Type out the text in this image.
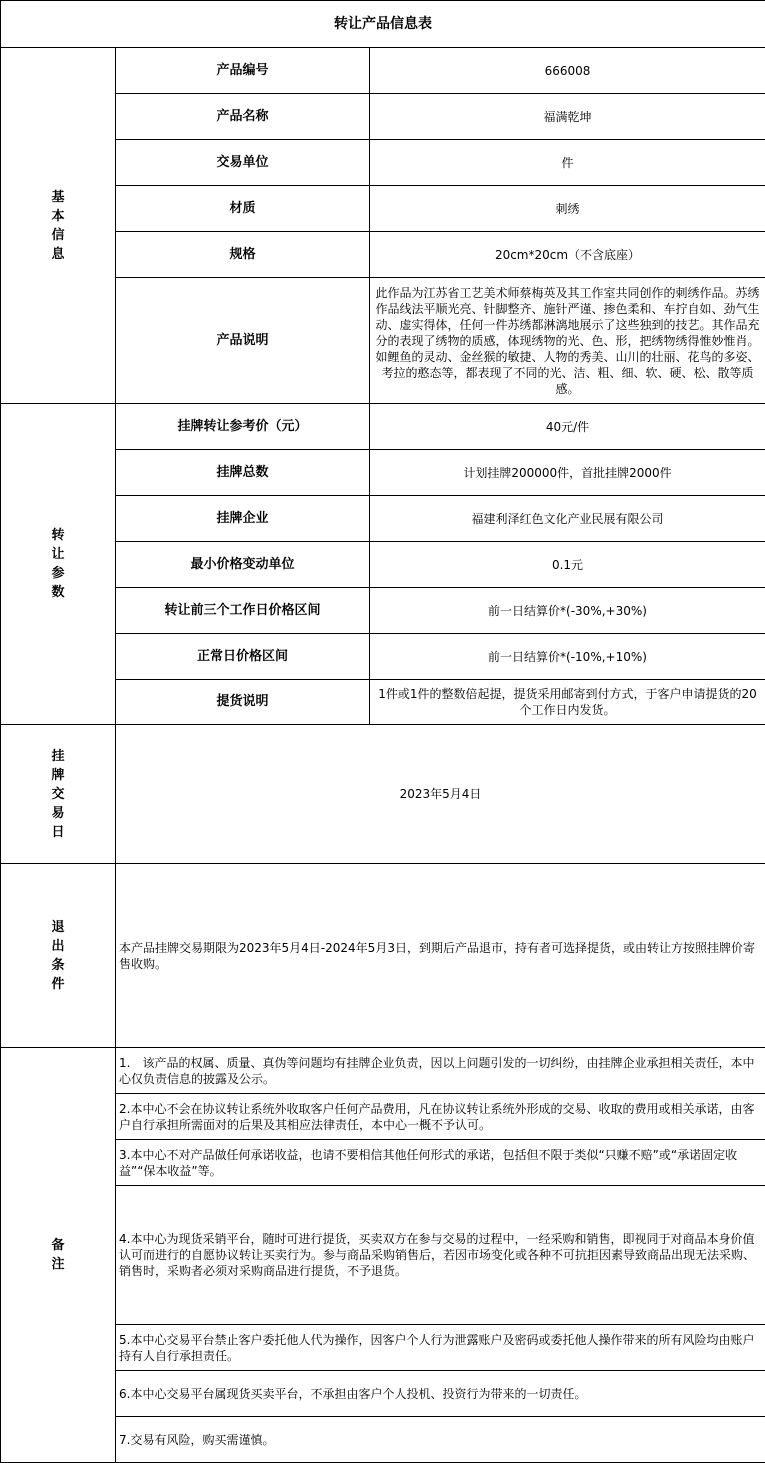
转让产品信息表		

基
本
信
息	产品编号	666008
	产品名称	福满乾坤
	交易单位	件
	材质	刺绣
	规格	20cm*20cm（不含底座）
	产品说明	此作品为江苏省工艺美术师蔡梅英及其工作室共同创作的刺绣作品。苏绣作品线法平顺光亮、针脚整齐、施针严谨、掺色柔和、车拧自如、劲气生动、虚实得体，任何一件苏绣都淋漓地展示了这些独到的技艺。其作品充分的表现了绣物的质感，体现绣物的光、色、形，把绣物绣得惟妙惟肖。如鲤鱼的灵动、金丝猴的敏捷、人物的秀美、山川的壮丽、花鸟的多姿、考拉的憨态等，都表现了不同的光、洁、粗、细、软、硬、松、散等质感。

转
让
参
数	挂牌转让参考价（元）	40元/件
	挂牌总数	计划挂牌200000件，首批挂牌2000件
	挂牌企业	福建利泽红色文化产业民展有限公司
	最小价格变动单位	0.1元
	转让前三个工作日价格区间	前一日结算价*(-30%,+30%)
	正常日价格区间	前一日结算价*(-10%,+10%)
	提货说明	1件或1件的整数倍起提，提货采用邮寄到付方式，于客户申请提货的20个工作日内发货。

挂
牌
交
易
日	2023年5月4日	

退
出
条
件	本产品挂牌交易期限为2023年5月4日-2024年5月3日，到期后产品退市，持有者可选择提货，或由转让方按照挂牌价寄售收购。	

备
注	1.　该产品的权属、质量、真伪等问题均有挂牌企业负责，因以上问题引发的一切纠纷，由挂牌企业承担相关责任，本中心仅负责信息的披露及公示。	
	2.本中心不会在协议转让系统外收取客户任何产品费用，凡在协议转让系统外形成的交易、收取的费用或相关承诺，由客户自行承担所需面对的后果及其相应法律责任，本中心一概不予认可。	
	3.本中心不对产品做任何承诺收益，也请不要相信其他任何形式的承诺，包括但不限于类似“只赚不赔”或“承诺固定收益”“保本收益”等。	
	4.本中心为现货采销平台，随时可进行提货，买卖双方在参与交易的过程中，一经采购和销售，即视同于对商品本身价值认可而进行的自愿协议转让买卖行为。参与商品采购销售后，若因市场变化或各种不可抗拒因素导致商品出现无法采购、销售时，采购者必须对采购商品进行提货，不予退货。	
	5.本中心交易平台禁止客户委托他人代为操作，因客户个人行为泄露账户及密码或委托他人操作带来的所有风险均由账户持有人自行承担责任。	
	6.本中心交易平台属现货买卖平台，不承担由客户个人投机、投资行为带来的一切责任。	
	7.交易有风险，购买需谨慎。	
